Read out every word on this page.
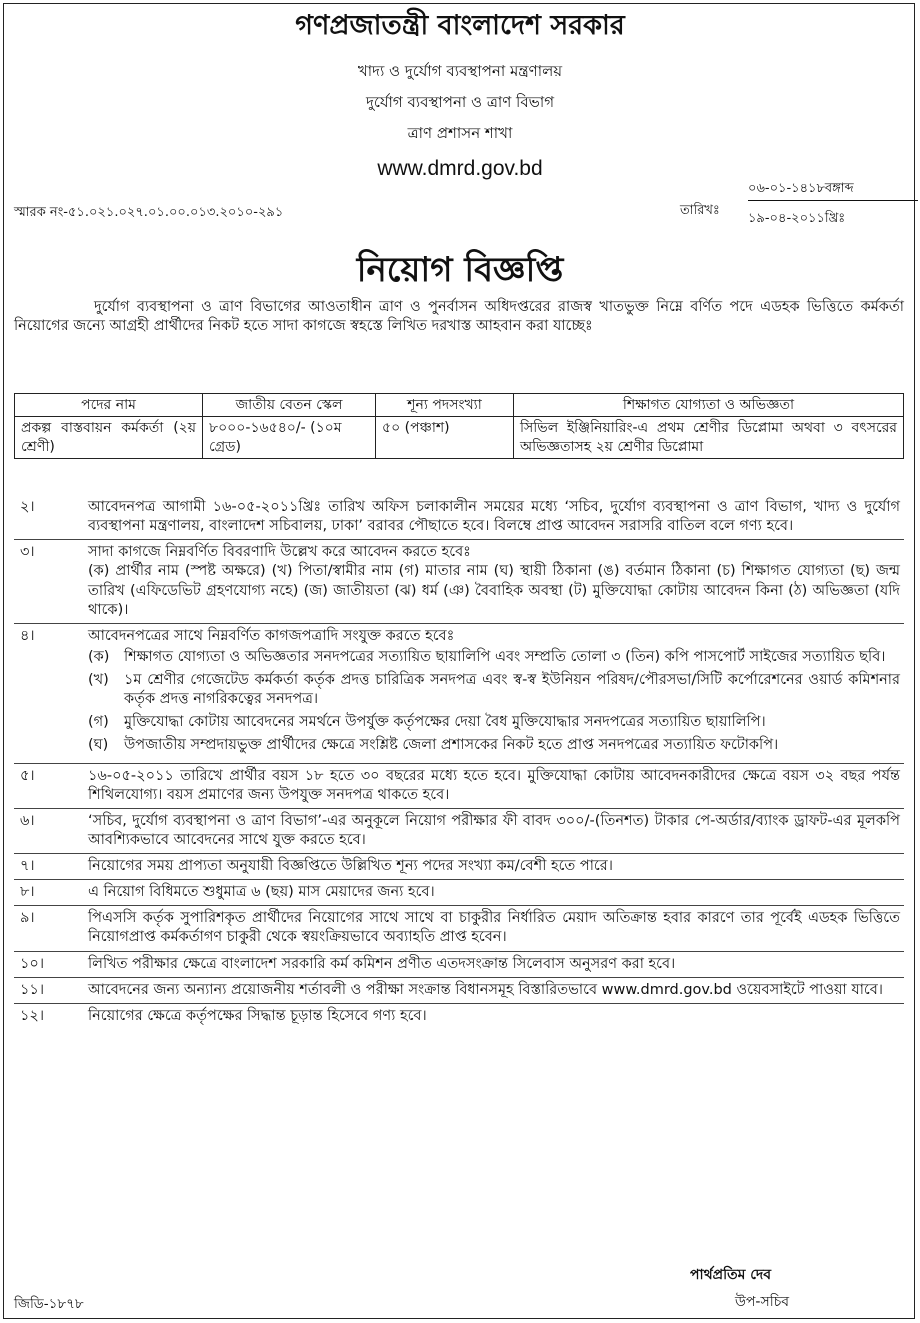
গণপ্রজাতন্ত্রী বাংলাদেশ সরকার
খাদ্য ও দুর্যোগ ব্যবস্থাপনা মন্ত্রণালয়
দুর্যোগ ব্যবস্থাপনা ও ত্রাণ বিভাগ
ত্রাণ প্রশাসন শাখা
www.dmrd.gov.bd
স্মারক নং-৫১.০২১.০২৭.০১.০০.০১৩.২০১০-২৯১	তারিখঃ
০৬-০১-১৪১৮বঙ্গাব্দ
১৯-০৪-২০১১খ্রিঃ
নিয়োগ বিজ্ঞপ্তি
দুর্যোগ ব্যবস্থাপনা ও ত্রাণ বিভাগের আওতাধীন ত্রাণ ও পুনর্বাসন অধিদপ্তরের রাজস্ব খাতভুক্ত নিম্নে বর্ণিত পদে এডহক ভিত্তিতে কর্মকর্তা নিয়োগের জন্যে আগ্রহী প্রার্থীদের নিকট হতে সাদা কাগজে স্বহস্তে লিখিত দরখাস্ত আহবান করা যাচ্ছেঃ
পদের নাম	জাতীয় বেতন স্কেল	শূন্য পদসংখ্যা	শিক্ষাগত যোগ্যতা ও অভিজ্ঞতা
প্রকল্প বাস্তবায়ন কর্মকর্তা (২য় শ্রেণী)	৮০০০-১৬৫৪০/- (১০ম গ্রেড)	৫০ (পঞ্চাশ)	সিভিল ইঞ্জিনিয়ারিং-এ প্রথম শ্রেণীর ডিপ্লোমা অথবা ৩ বৎসরের অভিজ্ঞতাসহ ২য় শ্রেণীর ডিপ্লোমা
২।	আবেদনপত্র আগামী ১৬-০৫-২০১১খ্রিঃ তারিখ অফিস চলাকালীন সময়ের মধ্যে ‘সচিব, দুর্যোগ ব্যবস্থাপনা ও ত্রাণ বিভাগ, খাদ্য ও দুর্যোগ ব্যবস্থাপনা মন্ত্রণালয়, বাংলাদেশ সচিবালয়, ঢাকা’ বরাবর পৌছাতে হবে। বিলম্বে প্রাপ্ত আবেদন সরাসরি বাতিল বলে গণ্য হবে।
৩।	সাদা কাগজে নিম্নবর্ণিত বিবরণাদি উল্লেখ করে আবেদন করতে হবেঃ
(ক) প্রার্থীর নাম (স্পষ্ট অক্ষরে) (খ) পিতা/স্বামীর নাম (গ) মাতার নাম (ঘ) স্থায়ী ঠিকানা (ঙ) বর্তমান ঠিকানা (চ) শিক্ষাগত যোগ্যতা (ছ) জন্ম তারিখ (এফিডেভিট গ্রহণযোগ্য নহে) (জ) জাতীয়তা (ঝ) ধর্ম (ঞ) বৈবাহিক অবস্থা (ট) মুক্তিযোদ্ধা কোটায় আবেদন কিনা (ঠ) অভিজ্ঞতা (যদি থাকে)।
৪।	আবেদনপত্রের সাথে নিম্নবর্ণিত কাগজপত্রাদি সংযুক্ত করতে হবেঃ
(ক)	শিক্ষাগত যোগ্যতা ও অভিজ্ঞতার সনদপত্রের সত্যায়িত ছায়ালিপি এবং সম্প্রতি তোলা ৩ (তিন) কপি পাসপোর্ট সাইজের সত্যায়িত ছবি।
(খ)	১ম শ্রেণীর গেজেটেড কর্মকর্তা কর্তৃক প্রদত্ত চারিত্রিক সনদপত্র এবং স্ব-স্ব ইউনিয়ন পরিষদ/পৌরসভা/সিটি কর্পোরেশনের ওয়ার্ড কমিশনার কর্তৃক প্রদত্ত নাগরিকত্বের সনদপত্র।
(গ)	মুক্তিযোদ্ধা কোটায় আবেদনের সমর্থনে উপর্যুক্ত কর্তৃপক্ষের দেয়া বৈধ মুক্তিযোদ্ধার সনদপত্রের সত্যায়িত ছায়ালিপি।
(ঘ)	উপজাতীয় সম্প্রদায়ভুক্ত প্রার্থীদের ক্ষেত্রে সংশ্লিষ্ট জেলা প্রশাসকের নিকট হতে প্রাপ্ত সনদপত্রের সত্যায়িত ফটোকপি।
৫।	১৬-০৫-২০১১ তারিখে প্রার্থীর বয়স ১৮ হতে ৩০ বছরের মধ্যে হতে হবে। মুক্তিযোদ্ধা কোটায় আবেদনকারীদের ক্ষেত্রে বয়স ৩২ বছর পর্যন্ত শিথিলযোগ্য। বয়স প্রমাণের জন্য উপযুক্ত সনদপত্র থাকতে হবে।
৬।	‘সচিব, দুর্যোগ ব্যবস্থাপনা ও ত্রাণ বিভাগ’-এর অনুকূলে নিয়োগ পরীক্ষার ফী বাবদ ৩০০/-(তিনশত) টাকার পে-অর্ডার/ব্যাংক ড্রাফট-এর মূলকপি আবশ্যিকভাবে আবেদনের সাথে যুক্ত করতে হবে।
৭।	নিয়োগের সময় প্রাপ্যতা অনুযায়ী বিজ্ঞপ্তিতে উল্লিখিত শূন্য পদের সংখ্যা কম/বেশী হতে পারে।
৮।	এ নিয়োগ বিধিমতে শুধুমাত্র ৬ (ছয়) মাস মেয়াদের জন্য হবে।
৯।	পিএসসি কর্তৃক সুপারিশকৃত প্রার্থীদের নিয়োগের সাথে সাথে বা চাকুরীর নির্ধারিত মেয়াদ অতিক্রান্ত হবার কারণে তার পূর্বেই এডহক ভিত্তিতে নিয়োগপ্রাপ্ত কর্মকর্তাগণ চাকুরী থেকে স্বয়ংক্রিয়ভাবে অব্যাহতি প্রাপ্ত হবেন।
১০।	লিখিত পরীক্ষার ক্ষেত্রে বাংলাদেশ সরকারি কর্ম কমিশন প্রণীত এতদসংক্রান্ত সিলেবাস অনুসরণ করা হবে।
১১।	আবেদনের জন্য অন্যান্য প্রয়োজনীয় শর্তাবলী ও পরীক্ষা সংক্রান্ত বিধানসমূহ বিস্তারিতভাবে www.dmrd.gov.bd ওয়েবসাইটে পাওয়া যাবে।
১২।	নিয়োগের ক্ষেত্রে কর্তৃপক্ষের সিদ্ধান্ত চূড়ান্ত হিসেবে গণ্য হবে।
পার্থপ্রতিম দেব
উপ-সচিব
জিডি-১৮৭৮
